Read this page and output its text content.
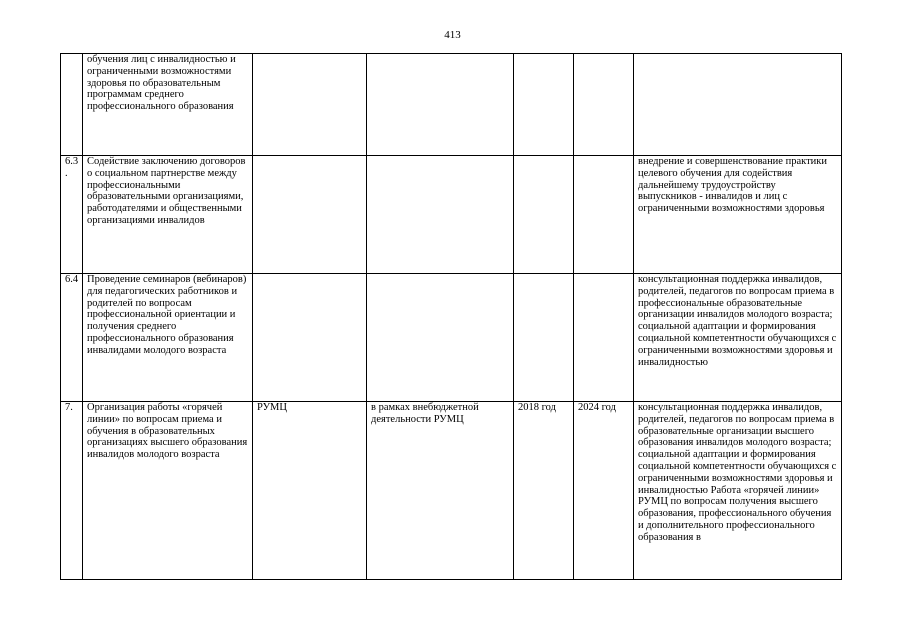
413
	обучения лиц с инвалидностью и ограниченными возможностями здоровья по образовательным программам среднего профессионального образования					
6.3.	Содействие заключению договоров о социальном партнерстве между профессиональными образовательными организациями, работодателями и общественными организациями инвалидов					внедрение и совершенствование практики целевого обучения для содействия дальнейшему трудоустройству выпускников - инвалидов и лиц с ограниченными возможностями здоровья
6.4	Проведение семинаров (вебинаров) для педагогических работников и родителей по вопросам профессиональной ориентации и получения среднего профессионального образования инвалидами молодого возраста					консультационная поддержка инвалидов, родителей, педагогов по вопросам приема в профессиональные образовательные организации инвалидов молодого возраста; социальной адаптации и формирования социальной компетентности обучающихся с ограниченными возможностями здоровья и инвалидностью
7.	Организация работы «горячей линии» по вопросам приема и обучения в образовательных организациях высшего образования инвалидов молодого возраста	РУМЦ	в рамках внебюджетной деятельности РУМЦ	2018 год	2024 год	консультационная поддержка инвалидов, родителей, педагогов по вопросам приема в образовательные организации высшего образования инвалидов молодого возраста; социальной адаптации и формирования социальной компетентности обучающихся с ограниченными возможностями здоровья и инвалидностью Работа «горячей линии» РУМЦ по вопросам получения высшего образования, профессионального обучения и дополнительного профессионального образования в
